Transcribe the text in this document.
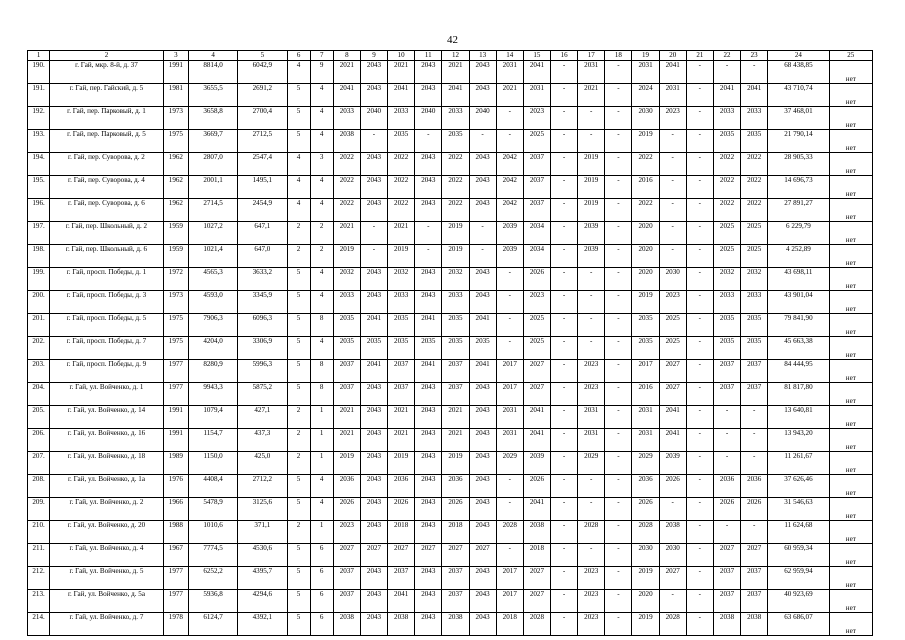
42
1	2	3	4	5	6	7	8	9	10	11	12	13	14	15	16	17	18	19	20	21	22	23	24	25
190.	г. Гай, мкр. 8-й, д. 37	1991	8814,0	6042,9	4	9	2021	2043	2021	2043	2021	2043	2031	2041	-	2031	-	2031	2041	-	-	-	68 438,85	нет
191.	г. Гай, пер. Гайский, д. 5	1981	3655,5	2691,2	5	4	2041	2043	2041	2043	2041	2043	2021	2031	-	2021	-	2024	2031	-	2041	2041	43 710,74	нет
192.	г. Гай, пер. Парковый, д. 1	1973	3658,8	2700,4	5	4	2033	2040	2033	2040	2033	2040	-	2023	-	-	-	2030	2023	-	2033	2033	37 468,01	нет
193.	г. Гай, пер. Парковый, д. 5	1975	3669,7	2712,5	5	4	2038	-	2035	-	2035	-	-	2025	-	-	-	2019	-	-	2035	2035	21 790,14	нет
194.	г. Гай, пер. Суворова, д. 2	1962	2807,0	2547,4	4	3	2022	2043	2022	2043	2022	2043	2042	2037	-	2019	-	2022	-	-	2022	2022	28 905,33	нет
195.	г. Гай, пер. Суворова, д. 4	1962	2001,1	1495,1	4	4	2022	2043	2022	2043	2022	2043	2042	2037	-	2019	-	2016	-	-	2022	2022	14 696,73	нет
196.	г. Гай, пер. Суворова, д. 6	1962	2714,5	2454,9	4	4	2022	2043	2022	2043	2022	2043	2042	2037	-	2019	-	2022	-	-	2022	2022	27 891,27	нет
197.	г. Гай, пер. Школьный, д. 2	1959	1027,2	647,1	2	2	2021	-	2021	-	2019	-	2039	2034	-	2039	-	2020	-	-	2025	2025	6 229,79	нет
198.	г. Гай, пер. Школьный, д. 6	1959	1021,4	647,0	2	2	2019	-	2019	-	2019	-	2039	2034	-	2039	-	2020	-	-	2025	2025	4 252,89	нет
199.	г. Гай, просп. Победы, д. 1	1972	4565,3	3633,2	5	4	2032	2043	2032	2043	2032	2043	-	2026	-	-	-	2020	2030	-	2032	2032	43 698,11	нет
200.	г. Гай, просп. Победы, д. 3	1973	4593,0	3345,9	5	4	2033	2043	2033	2043	2033	2043	-	2023	-	-	-	2019	2023	-	2033	2033	43 901,04	нет
201.	г. Гай, просп. Победы, д. 5	1975	7906,3	6096,3	5	8	2035	2041	2035	2041	2035	2041	-	2025	-	-	-	2035	2025	-	2035	2035	79 841,90	нет
202.	г. Гай, просп. Победы, д. 7	1975	4204,0	3306,9	5	4	2035	2035	2035	2035	2035	2035	-	2025	-	-	-	2035	2025	-	2035	2035	45 663,38	нет
203.	г. Гай, просп. Победы, д. 9	1977	8280,9	5996,3	5	8	2037	2041	2037	2041	2037	2041	2017	2027	-	2023	-	2017	2027	-	2037	2037	84 444,95	нет
204.	г. Гай, ул. Войченко, д. 1	1977	9943,3	5875,2	5	8	2037	2043	2037	2043	2037	2043	2017	2027	-	2023	-	2016	2027	-	2037	2037	81 817,80	нет
205.	г. Гай, ул. Войченко, д. 14	1991	1079,4	427,1	2	1	2021	2043	2021	2043	2021	2043	2031	2041	-	2031	-	2031	2041	-	-	-	13 640,81	нет
206.	г. Гай, ул. Войченко, д. 16	1991	1154,7	437,3	2	1	2021	2043	2021	2043	2021	2043	2031	2041	-	2031	-	2031	2041	-	-	-	13 943,20	нет
207.	г. Гай, ул. Войченко, д. 18	1989	1150,0	425,0	2	1	2019	2043	2019	2043	2019	2043	2029	2039	-	2029	-	2029	2039	-	-	-	11 261,67	нет
208.	г. Гай, ул. Войченко, д. 1а	1976	4408,4	2712,2	5	4	2036	2043	2036	2043	2036	2043	-	2026	-	-	-	2036	2026	-	2036	2036	37 626,46	нет
209.	г. Гай, ул. Войченко, д. 2	1966	5478,9	3125,6	5	4	2026	2043	2026	2043	2026	2043	-	2041	-	-	-	2026	-	-	2026	2026	31 546,63	нет
210.	г. Гай, ул. Войченко, д. 20	1988	1010,6	371,1	2	1	2023	2043	2018	2043	2018	2043	2028	2038	-	2028	-	2028	2038	-	-	-	11 624,68	нет
211.	г. Гай, ул. Войченко, д. 4	1967	7774,5	4530,6	5	6	2027	2027	2027	2027	2027	2027	-	2018	-	-	-	2030	2030	-	2027	2027	60 959,34	нет
212.	г. Гай, ул. Войченко, д. 5	1977	6252,2	4395,7	5	6	2037	2043	2037	2043	2037	2043	2017	2027	-	2023	-	2019	2027	-	2037	2037	62 959,94	нет
213.	г. Гай, ул. Войченко, д. 5а	1977	5936,8	4294,6	5	6	2037	2043	2041	2043	2037	2043	2017	2027	-	2023	-	2020	-	-	2037	2037	40 923,69	нет
214.	г. Гай, ул. Войченко, д. 7	1978	6124,7	4392,1	5	6	2038	2043	2038	2043	2038	2043	2018	2028	-	2023	-	2019	2028	-	2038	2038	63 686,07	нет
